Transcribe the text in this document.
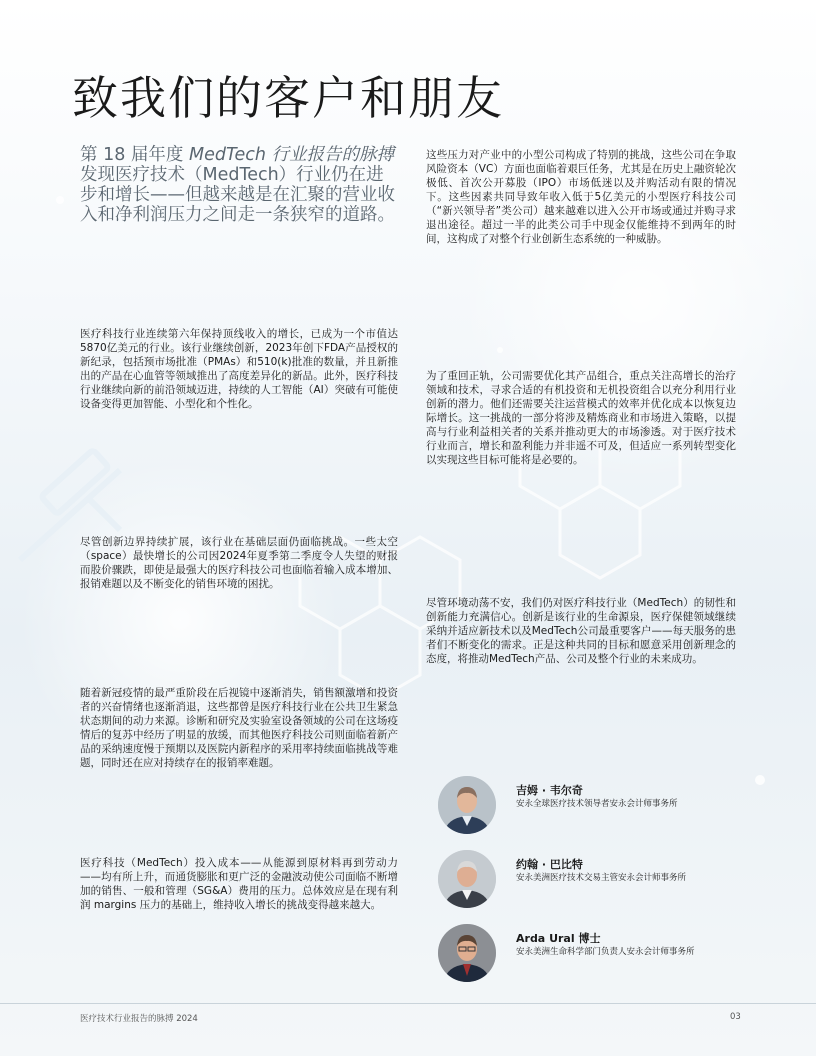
致我们的客户和朋友

第 18 届年度 MedTech 行业报告的脉搏 发现医疗技术（MedTech）行业仍在进步和增长——但越来越是在汇聚的营业收入和净利润压力之间走一条狭窄的道路。

医疗科技行业连续第六年保持顶线收入的增长，已成为一个市值达5870亿美元的行业。该行业继续创新，2023年创下FDA产品授权的新纪录，包括预市场批准（PMAs）和510(k)批准的数量，并且新推出的产品在心血管等领域推出了高度差异化的新品。此外，医疗科技行业继续向新的前沿领域迈进，持续的人工智能（AI）突破有可能使设备变得更加智能、小型化和个性化。

尽管创新边界持续扩展，该行业在基础层面仍面临挑战。一些太空（space）最快增长的公司因2024年夏季第二季度令人失望的财报而股价骤跌，即使是最强大的医疗科技公司也面临着输入成本增加、报销难题以及不断变化的销售环境的困扰。

随着新冠疫情的最严重阶段在后视镜中逐渐消失，销售额激增和投资者的兴奋情绪也逐渐消退，这些都曾是医疗科技行业在公共卫生紧急状态期间的动力来源。诊断和研究及实验室设备领域的公司在这场疫情后的复苏中经历了明显的放缓，而其他医疗科技公司则面临着新产品的采纳速度慢于预期以及医院内新程序的采用率持续面临挑战等难题，同时还在应对持续存在的报销率难题。

医疗科技（MedTech）投入成本——从能源到原材料再到劳动力——均有所上升，而通货膨胀和更广泛的金融波动使公司面临不断增加的销售、一般和管理（SG&A）费用的压力。总体效应是在现有利润 margins 压力的基础上，维持收入增长的挑战变得越来越大。

这些压力对产业中的小型公司构成了特别的挑战，这些公司在争取风险资本（VC）方面也面临着艰巨任务，尤其是在历史上融资轮次极低、首次公开募股（IPO）市场低迷以及并购活动有限的情况下。这些因素共同导致年收入低于5亿美元的小型医疗科技公司（“新兴领导者”类公司）越来越难以进入公开市场或通过并购寻求退出途径。超过一半的此类公司手中现金仅能维持不到两年的时间，这构成了对整个行业创新生态系统的一种威胁。

为了重回正轨，公司需要优化其产品组合，重点关注高增长的治疗领域和技术，寻求合适的有机投资和无机投资组合以充分利用行业创新的潜力。他们还需要关注运营模式的效率并优化成本以恢复边际增长。这一挑战的一部分将涉及精炼商业和市场进入策略，以提高与行业利益相关者的关系并推动更大的市场渗透。对于医疗技术行业而言，增长和盈利能力并非遥不可及，但适应一系列转型变化以实现这些目标可能将是必要的。

尽管环境动荡不安，我们仍对医疗科技行业（MedTech）的韧性和创新能力充满信心。创新是该行业的生命源泉，医疗保健领域继续采纳并适应新技术以及MedTech公司最重要客户——每天服务的患者们不断变化的需求。正是这种共同的目标和愿意采用创新理念的态度，将推动MedTech产品、公司及整个行业的未来成功。

吉姆 · 韦尔奇

安永全球医疗技术领导者安永会计师事务所

约翰 · 巴比特

安永美洲医疗技术交易主管安永会计师事务所

Arda Ural 博士

安永美洲生命科学部门负责人安永会计师事务所

医疗技术行业报告的脉搏 2024	03
